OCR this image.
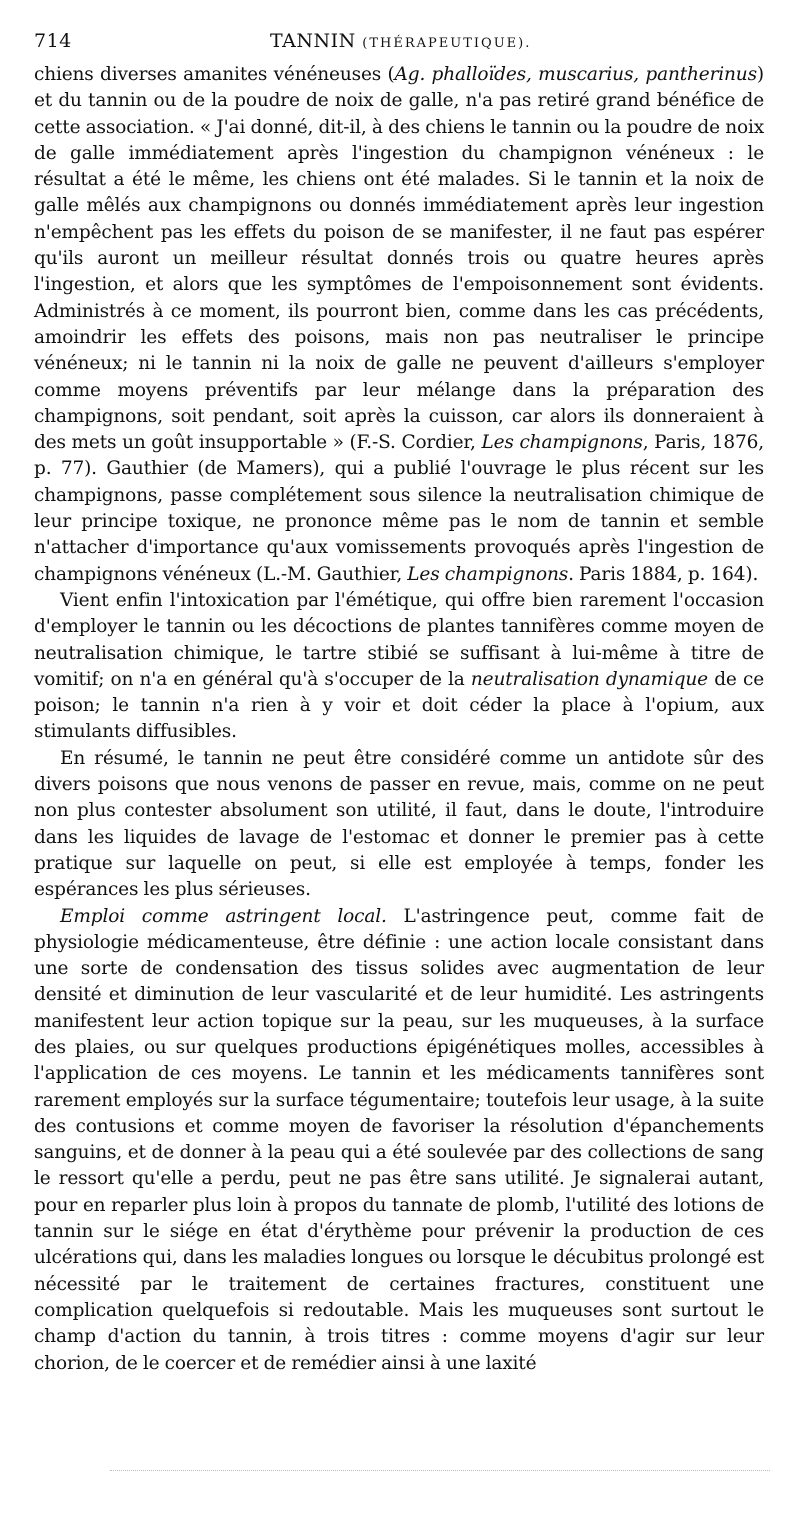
714	TANNIN (THÉRAPEUTIQUE).

chiens diverses amanites vénéneuses (Ag. phalloïdes, muscarius, pantherinus) et du tannin ou de la poudre de noix de galle, n'a pas retiré grand bénéfice de cette association. « J'ai donné, dit-il, à des chiens le tannin ou la poudre de noix de galle immédiatement après l'ingestion du champignon vénéneux : le résultat a été le même, les chiens ont été malades. Si le tannin et la noix de galle mêlés aux champignons ou donnés immédiatement après leur ingestion n'empêchent pas les effets du poison de se manifester, il ne faut pas espérer qu'ils auront un meilleur résultat donnés trois ou quatre heures après l'ingestion, et alors que les symptômes de l'empoisonnement sont évidents. Administrés à ce moment, ils pourront bien, comme dans les cas précédents, amoindrir les effets des poisons, mais non pas neutraliser le principe vénéneux; ni le tannin ni la noix de galle ne peuvent d'ailleurs s'employer comme moyens préventifs par leur mélange dans la préparation des champignons, soit pendant, soit après la cuisson, car alors ils donneraient à des mets un goût insupportable » (F.-S. Cordier, Les champignons, Paris, 1876, p. 77). Gauthier (de Mamers), qui a publié l'ouvrage le plus récent sur les champignons, passe complétement sous silence la neutralisation chimique de leur principe toxique, ne prononce même pas le nom de tannin et semble n'attacher d'importance qu'aux vomissements provoqués après l'ingestion de champignons vénéneux (L.-M. Gauthier, Les champignons. Paris 1884, p. 164).

Vient enfin l'intoxication par l'émétique, qui offre bien rarement l'occasion d'employer le tannin ou les décoctions de plantes tannifères comme moyen de neutralisation chimique, le tartre stibié se suffisant à lui-même à titre de vomitif; on n'a en général qu'à s'occuper de la neutralisation dynamique de ce poison; le tannin n'a rien à y voir et doit céder la place à l'opium, aux stimulants diffusibles.

En résumé, le tannin ne peut être considéré comme un antidote sûr des divers poisons que nous venons de passer en revue, mais, comme on ne peut non plus contester absolument son utilité, il faut, dans le doute, l'introduire dans les liquides de lavage de l'estomac et donner le premier pas à cette pratique sur laquelle on peut, si elle est employée à temps, fonder les espérances les plus sérieuses.

Emploi comme astringent local. L'astringence peut, comme fait de physiologie médicamenteuse, être définie : une action locale consistant dans une sorte de condensation des tissus solides avec augmentation de leur densité et diminution de leur vascularité et de leur humidité. Les astringents manifestent leur action topique sur la peau, sur les muqueuses, à la surface des plaies, ou sur quelques productions épigénétiques molles, accessibles à l'application de ces moyens. Le tannin et les médicaments tannifères sont rarement employés sur la surface tégumentaire; toutefois leur usage, à la suite des contusions et comme moyen de favoriser la résolution d'épanchements sanguins, et de donner à la peau qui a été soulevée par des collections de sang le ressort qu'elle a perdu, peut ne pas être sans utilité. Je signalerai autant, pour en reparler plus loin à propos du tannate de plomb, l'utilité des lotions de tannin sur le siége en état d'érythème pour prévenir la production de ces ulcérations qui, dans les maladies longues ou lorsque le décubitus prolongé est nécessité par le traitement de certaines fractures, constituent une complication quelquefois si redoutable. Mais les muqueuses sont surtout le champ d'action du tannin, à trois titres : comme moyens d'agir sur leur chorion, de le coercer et de remédier ainsi à une laxité
